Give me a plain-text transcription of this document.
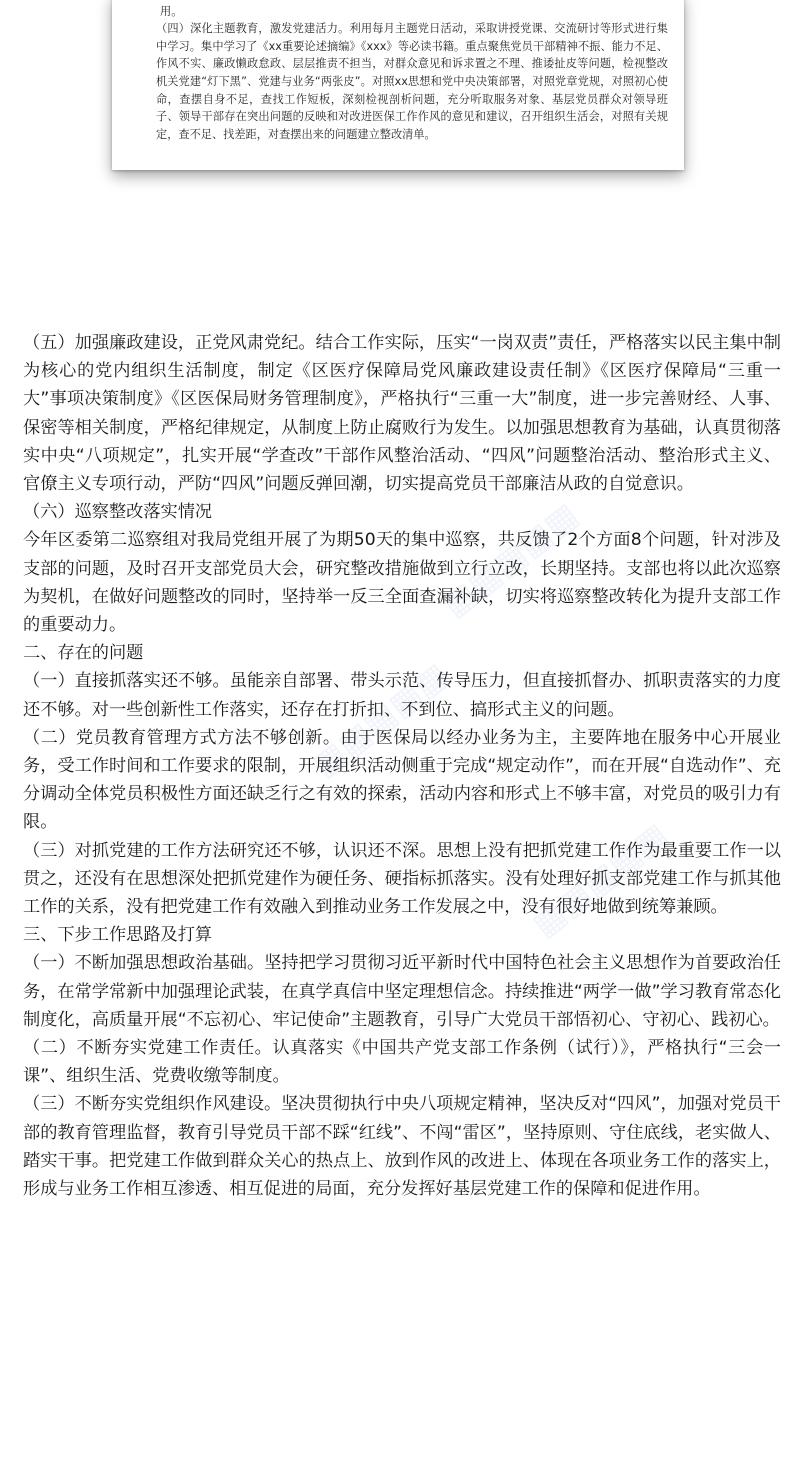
用。

（四）深化主题教育，激发党建活力。利用每月主题党日活动，采取讲授党课、交流研讨等形式进行集中学习。集中学习了《xx重要论述摘编》《xxx》等必读书籍。重点聚焦党员干部精神不振、能力不足、作风不实、廉政懒政怠政、层层推责不担当，对群众意见和诉求置之不理、推诿扯皮等问题，检视整改机关党建“灯下黑”、党建与业务“两张皮”。对照xx思想和党中央决策部署，对照党章党规，对照初心使命，查摆自身不足，查找工作短板，深刻检视剖析问题，充分听取服务对象、基层党员群众对领导班子、领导干部存在突出问题的反映和对改进医保工作作风的意见和建议，召开组织生活会，对照有关规定，查不足、找差距，对查摆出来的问题建立整改清单。

▦▦▦▦▦
▦▦▦▦▦
▦▦▦▦▦

（五）加强廉政建设，正党风肃党纪。结合工作实际，压实“一岗双责”责任，严格落实以民主集中制为核心的党内组织生活制度，制定《区医疗保障局党风廉政建设责任制》《区医疗保障局“三重一大”事项决策制度》《区医保局财务管理制度》，严格执行“三重一大”制度，进一步完善财经、人事、保密等相关制度，严格纪律规定，从制度上防止腐败行为发生。以加强思想教育为基础，认真贯彻落实中央“八项规定”，扎实开展“学查改”干部作风整治活动、“四风”问题整治活动、整治形式主义、官僚主义专项行动，严防“四风”问题反弹回潮，切实提高党员干部廉洁从政的自觉意识。

（六）巡察整改落实情况

今年区委第二巡察组对我局党组开展了为期50天的集中巡察，共反馈了2个方面8个问题，针对涉及支部的问题，及时召开支部党员大会，研究整改措施做到立行立改，长期坚持。支部也将以此次巡察为契机，在做好问题整改的同时，坚持举一反三全面查漏补缺，切实将巡察整改转化为提升支部工作的重要动力。

二、存在的问题

（一）直接抓落实还不够。虽能亲自部署、带头示范、传导压力，但直接抓督办、抓职责落实的力度还不够。对一些创新性工作落实，还存在打折扣、不到位、搞形式主义的问题。

（二）党员教育管理方式方法不够创新。由于医保局以经办业务为主，主要阵地在服务中心开展业务，受工作时间和工作要求的限制，开展组织活动侧重于完成“规定动作”，而在开展“自选动作”、充分调动全体党员积极性方面还缺乏行之有效的探索，活动内容和形式上不够丰富，对党员的吸引力有限。

（三）对抓党建的工作方法研究还不够，认识还不深。思想上没有把抓党建工作作为最重要工作一以贯之，还没有在思想深处把抓党建作为硬任务、硬指标抓落实。没有处理好抓支部党建工作与抓其他工作的关系，没有把党建工作有效融入到推动业务工作发展之中，没有很好地做到统筹兼顾。

三、下步工作思路及打算

（一）不断加强思想政治基础。坚持把学习贯彻习近平新时代中国特色社会主义思想作为首要政治任务，在常学常新中加强理论武装，在真学真信中坚定理想信念。持续推进“两学一做”学习教育常态化制度化，高质量开展“不忘初心、牢记使命”主题教育，引导广大党员干部悟初心、守初心、践初心。

（二）不断夯实党建工作责任。认真落实《中国共产党支部工作条例（试行）》，严格执行“三会一课”、组织生活、党费收缴等制度。

（三）不断夯实党组织作风建设。坚决贯彻执行中央八项规定精神，坚决反对“四风”，加强对党员干部的教育管理监督，教育引导党员干部不踩“红线”、不闯“雷区”，坚持原则、守住底线，老实做人、踏实干事。把党建工作做到群众关心的热点上、放到作风的改进上、体现在各项业务工作的落实上，形成与业务工作相互渗透、相互促进的局面，充分发挥好基层党建工作的保障和促进作用。
